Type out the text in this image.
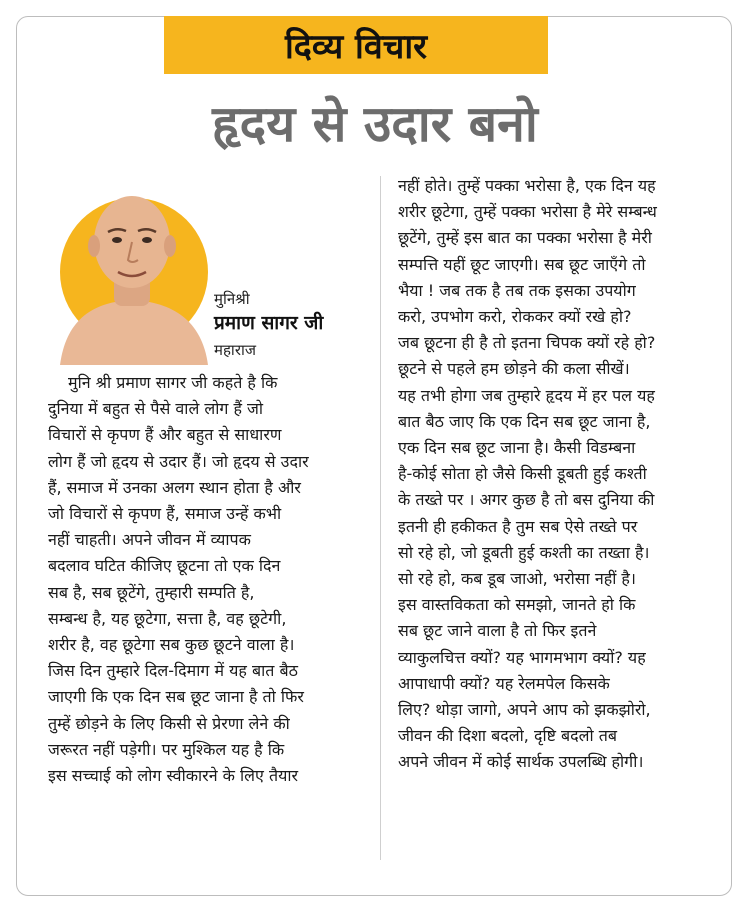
दिव्य विचार
हृदय से उदार बनो
मुनिश्री
प्रमाण सागर जी
महाराज
मुनि श्री प्रमाण सागर जी कहते है कि
दुनिया में बहुत से पैसे वाले लोग हैं जो
विचारों से कृपण हैं और बहुत से साधारण
लोग हैं जो हृदय से उदार हैं। जो हृदय से उदार
हैं, समाज में उनका अलग स्थान होता है और
जो विचारों से कृपण हैं, समाज उन्हें कभी
नहीं चाहती। अपने जीवन में व्यापक
बदलाव घटित कीजिए छूटना तो एक दिन
सब है, सब छूटेंगे, तुम्हारी सम्पति है,
सम्बन्ध है, यह छूटेगा, सत्ता है, वह छूटेगी,
शरीर है, वह छूटेगा सब कुछ छूटने वाला है।
जिस दिन तुम्हारे दिल-दिमाग में यह बात बैठ
जाएगी कि एक दिन सब छूट जाना है तो फिर
तुम्हें छोड़ने के लिए किसी से प्रेरणा लेने की
जरूरत नहीं पड़ेगी। पर मुश्किल यह है कि
इस सच्चाई को लोग स्वीकारने के लिए तैयार
नहीं होते। तुम्हें पक्का भरोसा है, एक दिन यह
शरीर छूटेगा, तुम्हें पक्का भरोसा है मेरे सम्बन्ध
छूटेंगे, तुम्हें इस बात का पक्का भरोसा है मेरी
सम्पत्ति यहीं छूट जाएगी। सब छूट जाएँगे तो
भैया ! जब तक है तब तक इसका उपयोग
करो, उपभोग करो, रोककर क्यों रखे हो?
जब छूटना ही है तो इतना चिपक क्यों रहे हो?
छूटने से पहले हम छोड़ने की कला सीखें।
यह तभी होगा जब तुम्हारे हृदय में हर पल यह
बात बैठ जाए कि एक दिन सब छूट जाना है,
एक दिन सब छूट जाना है। कैसी विडम्बना
है-कोई सोता हो जैसे किसी डूबती हुई कश्ती
के तख्ते पर । अगर कुछ है तो बस दुनिया की
इतनी ही हकीकत है तुम सब ऐसे तख्ते पर
सो रहे हो, जो डूबती हुई कश्ती का तख्ता है।
सो रहे हो, कब डूब जाओ, भरोसा नहीं है।
इस वास्तविकता को समझो, जानते हो कि
सब छूट जाने वाला है तो फिर इतने
व्याकुलचित्त क्यों? यह भागमभाग क्यों? यह
आपाधापी क्यों? यह रेलमपेल किसके
लिए? थोड़ा जागो, अपने आप को झकझोरो,
जीवन की दिशा बदलो, दृष्टि बदलो तब
अपने जीवन में कोई सार्थक उपलब्धि होगी।
